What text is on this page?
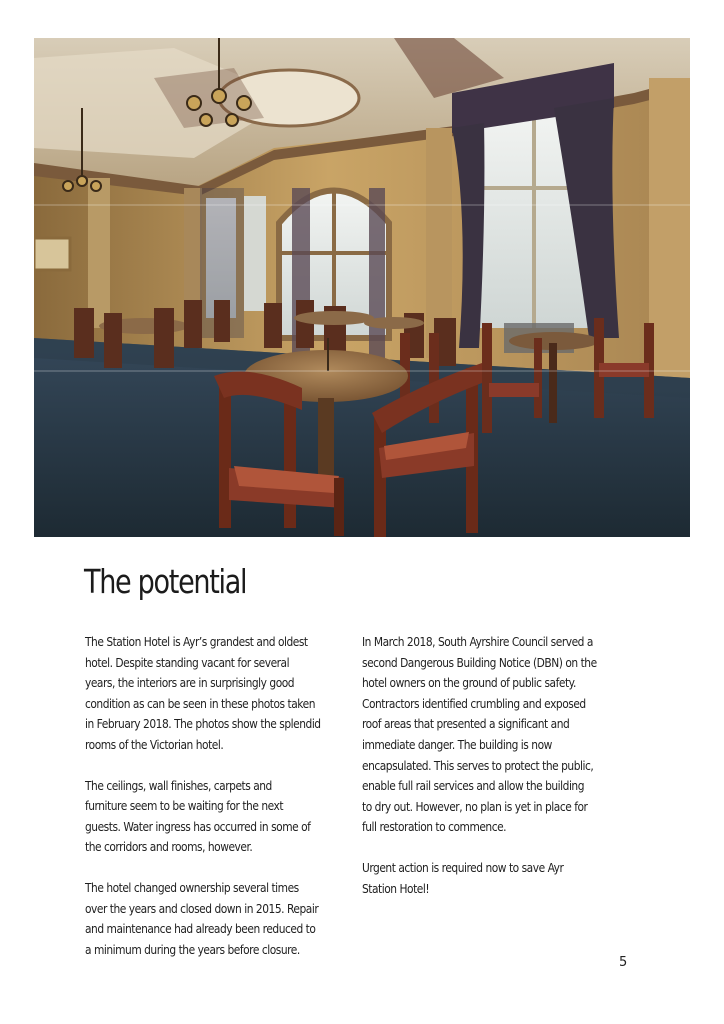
The potential

The Station Hotel is Ayr’s grandest and oldest
hotel. Despite standing vacant for several
years, the interiors are in surprisingly good
condition as can be seen in these photos taken
in February 2018. The photos show the splendid
rooms of the Victorian hotel.

The ceilings, wall finishes, carpets and
furniture seem to be waiting for the next
guests. Water ingress has occurred in some of
the corridors and rooms, however.

The hotel changed ownership several times
over the years and closed down in 2015. Repair
and maintenance had already been reduced to
a minimum during the years before closure.

In March 2018, South Ayrshire Council served a
second Dangerous Building Notice (DBN) on the
hotel owners on the ground of public safety.
Contractors identified crumbling and exposed
roof areas that presented a significant and
immediate danger. The building is now
encapsulated. This serves to protect the public,
enable full rail services and allow the building
to dry out. However, no plan is yet in place for
full restoration to commence.

Urgent action is required now to save Ayr
Station Hotel!

5
